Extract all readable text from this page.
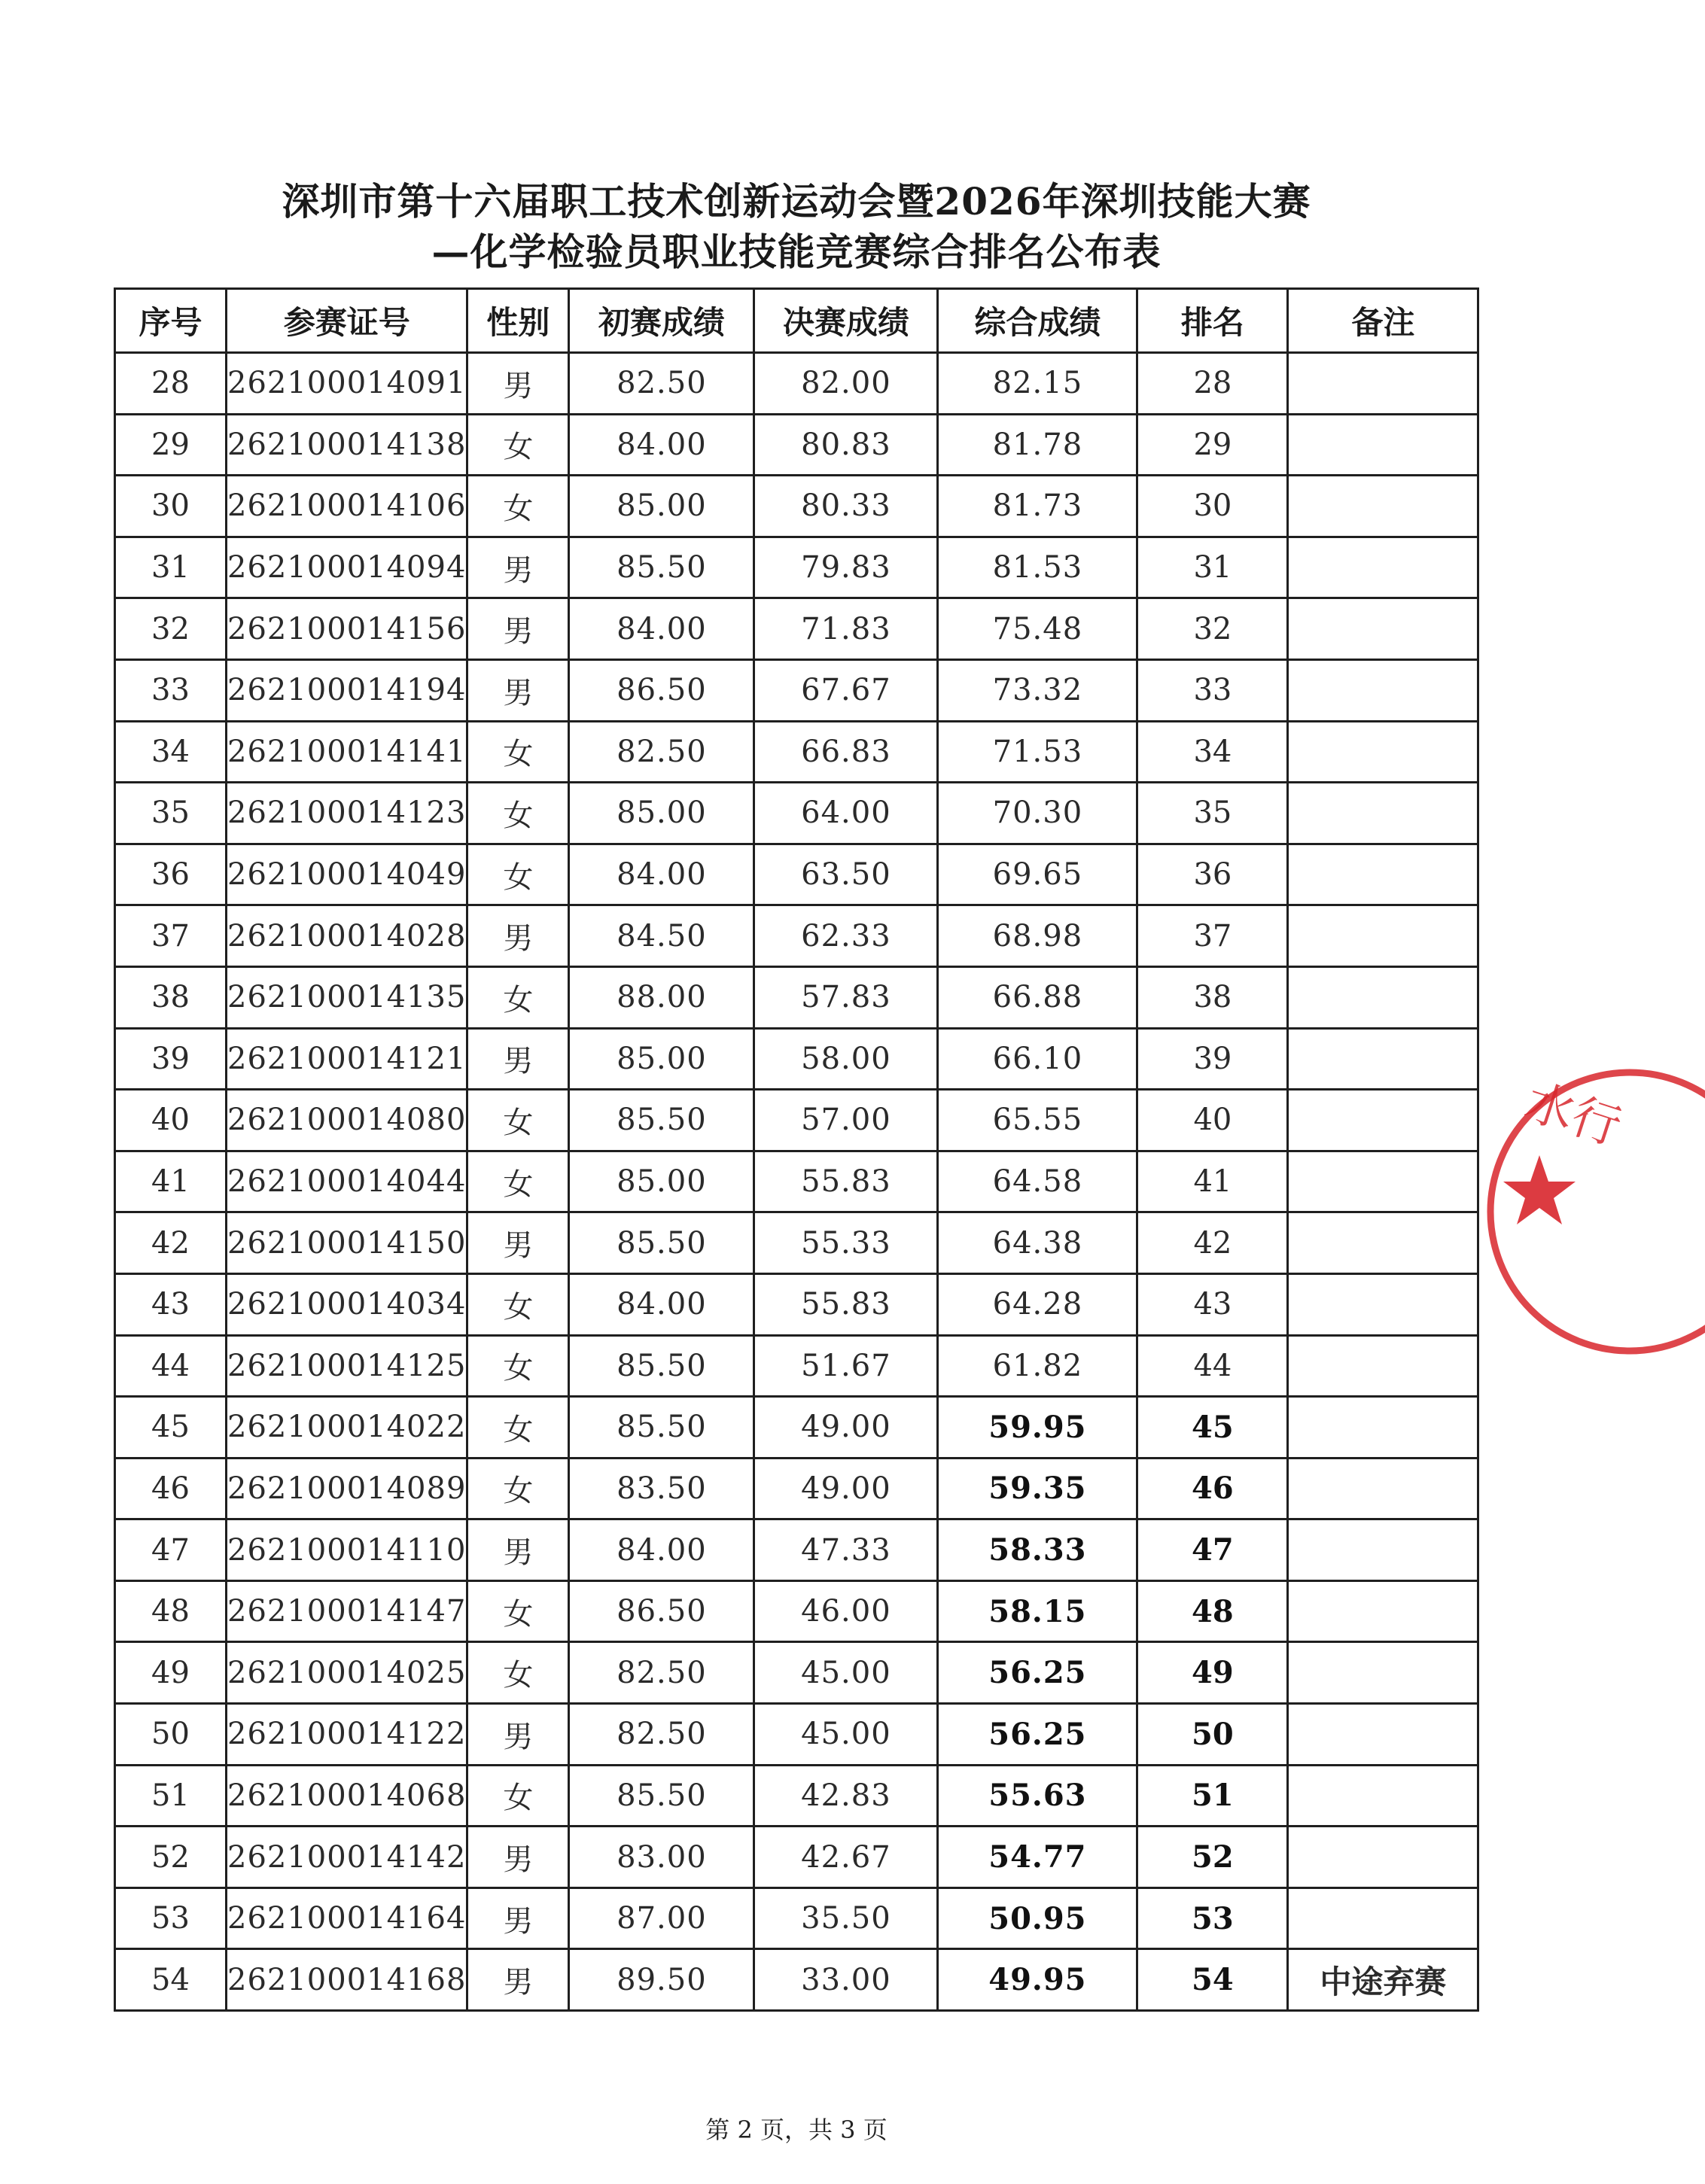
深圳市第十六届职工技术创新运动会暨2026年深圳技能大赛
—化学检验员职业技能竞赛综合排名公布表
序号	参赛证号	性别	初赛成绩	决赛成绩	综合成绩	排名	备注
28	262100014091	男	82.50	82.00	82.15	28	
29	262100014138	女	84.00	80.83	81.78	29	
30	262100014106	女	85.00	80.33	81.73	30	
31	262100014094	男	85.50	79.83	81.53	31	
32	262100014156	男	84.00	71.83	75.48	32	
33	262100014194	男	86.50	67.67	73.32	33	
34	262100014141	女	82.50	66.83	71.53	34	
35	262100014123	女	85.00	64.00	70.30	35	
36	262100014049	女	84.00	63.50	69.65	36	
37	262100014028	男	84.50	62.33	68.98	37	
38	262100014135	女	88.00	57.83	66.88	38	
39	262100014121	男	85.00	58.00	66.10	39	
40	262100014080	女	85.50	57.00	65.55	40	
41	262100014044	女	85.00	55.83	64.58	41	
42	262100014150	男	85.50	55.33	64.38	42	
43	262100014034	女	84.00	55.83	64.28	43	
44	262100014125	女	85.50	51.67	61.82	44	
45	262100014022	女	85.50	49.00	59.95	45	
46	262100014089	女	83.50	49.00	59.35	46	
47	262100014110	男	84.00	47.33	58.33	47	
48	262100014147	女	86.50	46.00	58.15	48	
49	262100014025	女	82.50	45.00	56.25	49	
50	262100014122	男	82.50	45.00	56.25	50	
51	262100014068	女	85.50	42.83	55.63	51	
52	262100014142	男	83.00	42.67	54.77	52	
53	262100014164	男	87.00	35.50	50.95	53	
54	262100014168	男	89.50	33.00	49.95	54	中途弃赛
水行
第 2 页，共 3 页
